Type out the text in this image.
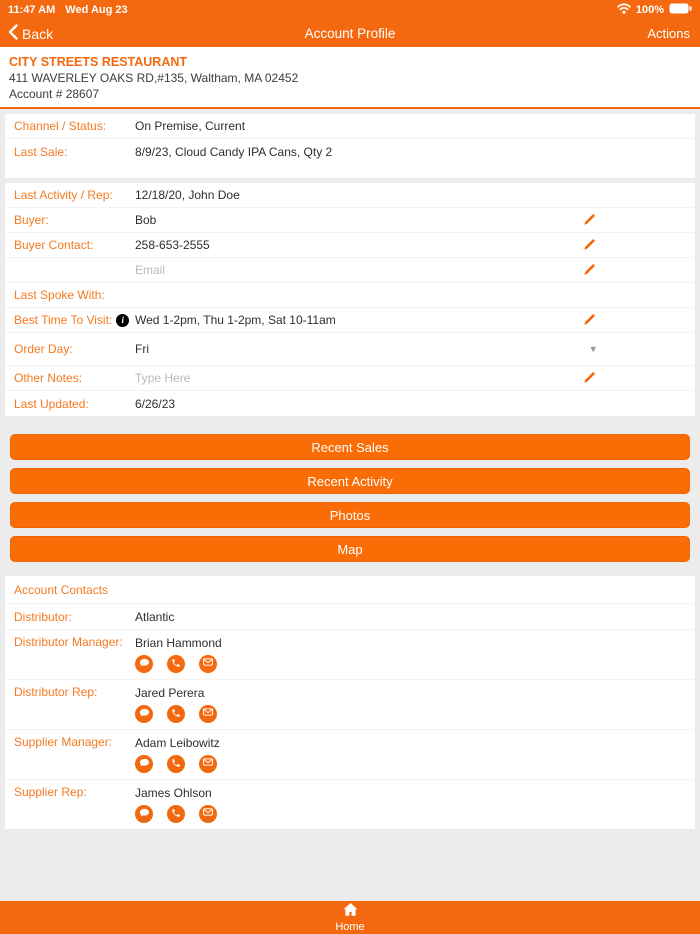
11:47 AM Wed Aug 23	100%
Back	Account Profile	Actions
CITY STREETS RESTAURANT
411 WAVERLEY OAKS RD,#135, Waltham, MA 02452
Account # 28607
Channel / Status:	On Premise, Current
Last Sale:	8/9/23, Cloud Candy IPA Cans, Qty 2
Last Activity / Rep:	12/18/20, John Doe
Buyer:	Bob
Buyer Contact:	258-653-2555
Email
Last Spoke With:
Best Time To Visit:	i Wed 1-2pm, Thu 1-2pm, Sat 10-11am
Order Day:	Fri	▾
Other Notes:	Type Here
Last Updated:	6/26/23
Recent Sales
Recent Activity
Photos
Map
Account Contacts
Distributor:	Atlantic
Distributor Manager:	Brian Hammond
Distributor Rep:	Jared Perera
Supplier Manager:	Adam Leibowitz
Supplier Rep:	James Ohlson
Home
